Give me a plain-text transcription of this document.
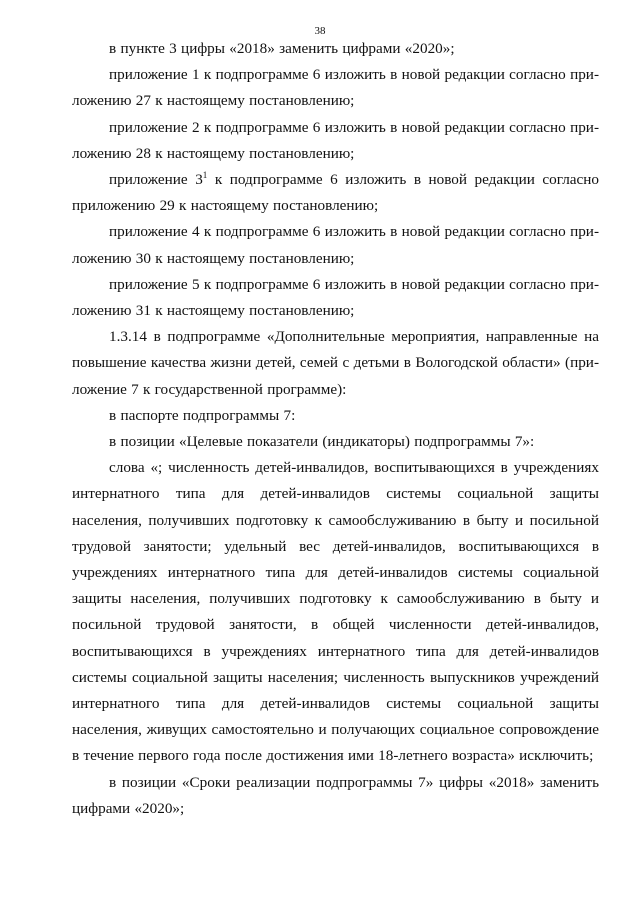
38

в пункте 3 цифры «2018» заменить цифрами «2020»;

приложение 1 к подпрограмме 6 изложить в новой редакции согласно приложению 27 к настоящему постановлению;

приложение 2 к подпрограмме 6 изложить в новой редакции согласно приложению 28 к настоящему постановлению;

приложение $3^1$ к подпрограмме 6 изложить в новой редакции согласно приложению 29 к настоящему постановлению;

приложение 4 к подпрограмме 6 изложить в новой редакции согласно приложению 30 к настоящему постановлению;

приложение 5 к подпрограмме 6 изложить в новой редакции согласно приложению 31 к настоящему постановлению;

1.3.14 в подпрограмме «Дополнительные мероприятия, направленные на повышение качества жизни детей, семей с детьми в Вологодской области» (приложение 7 к государственной программе):

в паспорте подпрограммы 7:

в позиции «Целевые показатели (индикаторы) подпрограммы 7»:

слова «; численность детей-инвалидов, воспитывающихся в учреждениях интернатного типа для детей-инвалидов системы социальной защиты населения, получивших подготовку к самообслуживанию в быту и посильной трудовой занятости; удельный вес детей-инвалидов, воспитывающихся в учреждениях интернатного типа для детей-инвалидов системы социальной защиты населения, получивших подготовку к самообслуживанию в быту и посильной трудовой занятости, в общей численности детей-инвалидов, воспитывающихся в учреждениях интернатного типа для детей-инвалидов системы социальной защиты населения; численность выпускников учреждений интернатного типа для детей-инвалидов системы социальной защиты населения, живущих самостоятельно и получающих социальное сопровождение в течение первого года после достижения ими 18-летнего возраста» исключить;

в позиции «Сроки реализации подпрограммы 7» цифры «2018» заменить цифрами «2020»;
